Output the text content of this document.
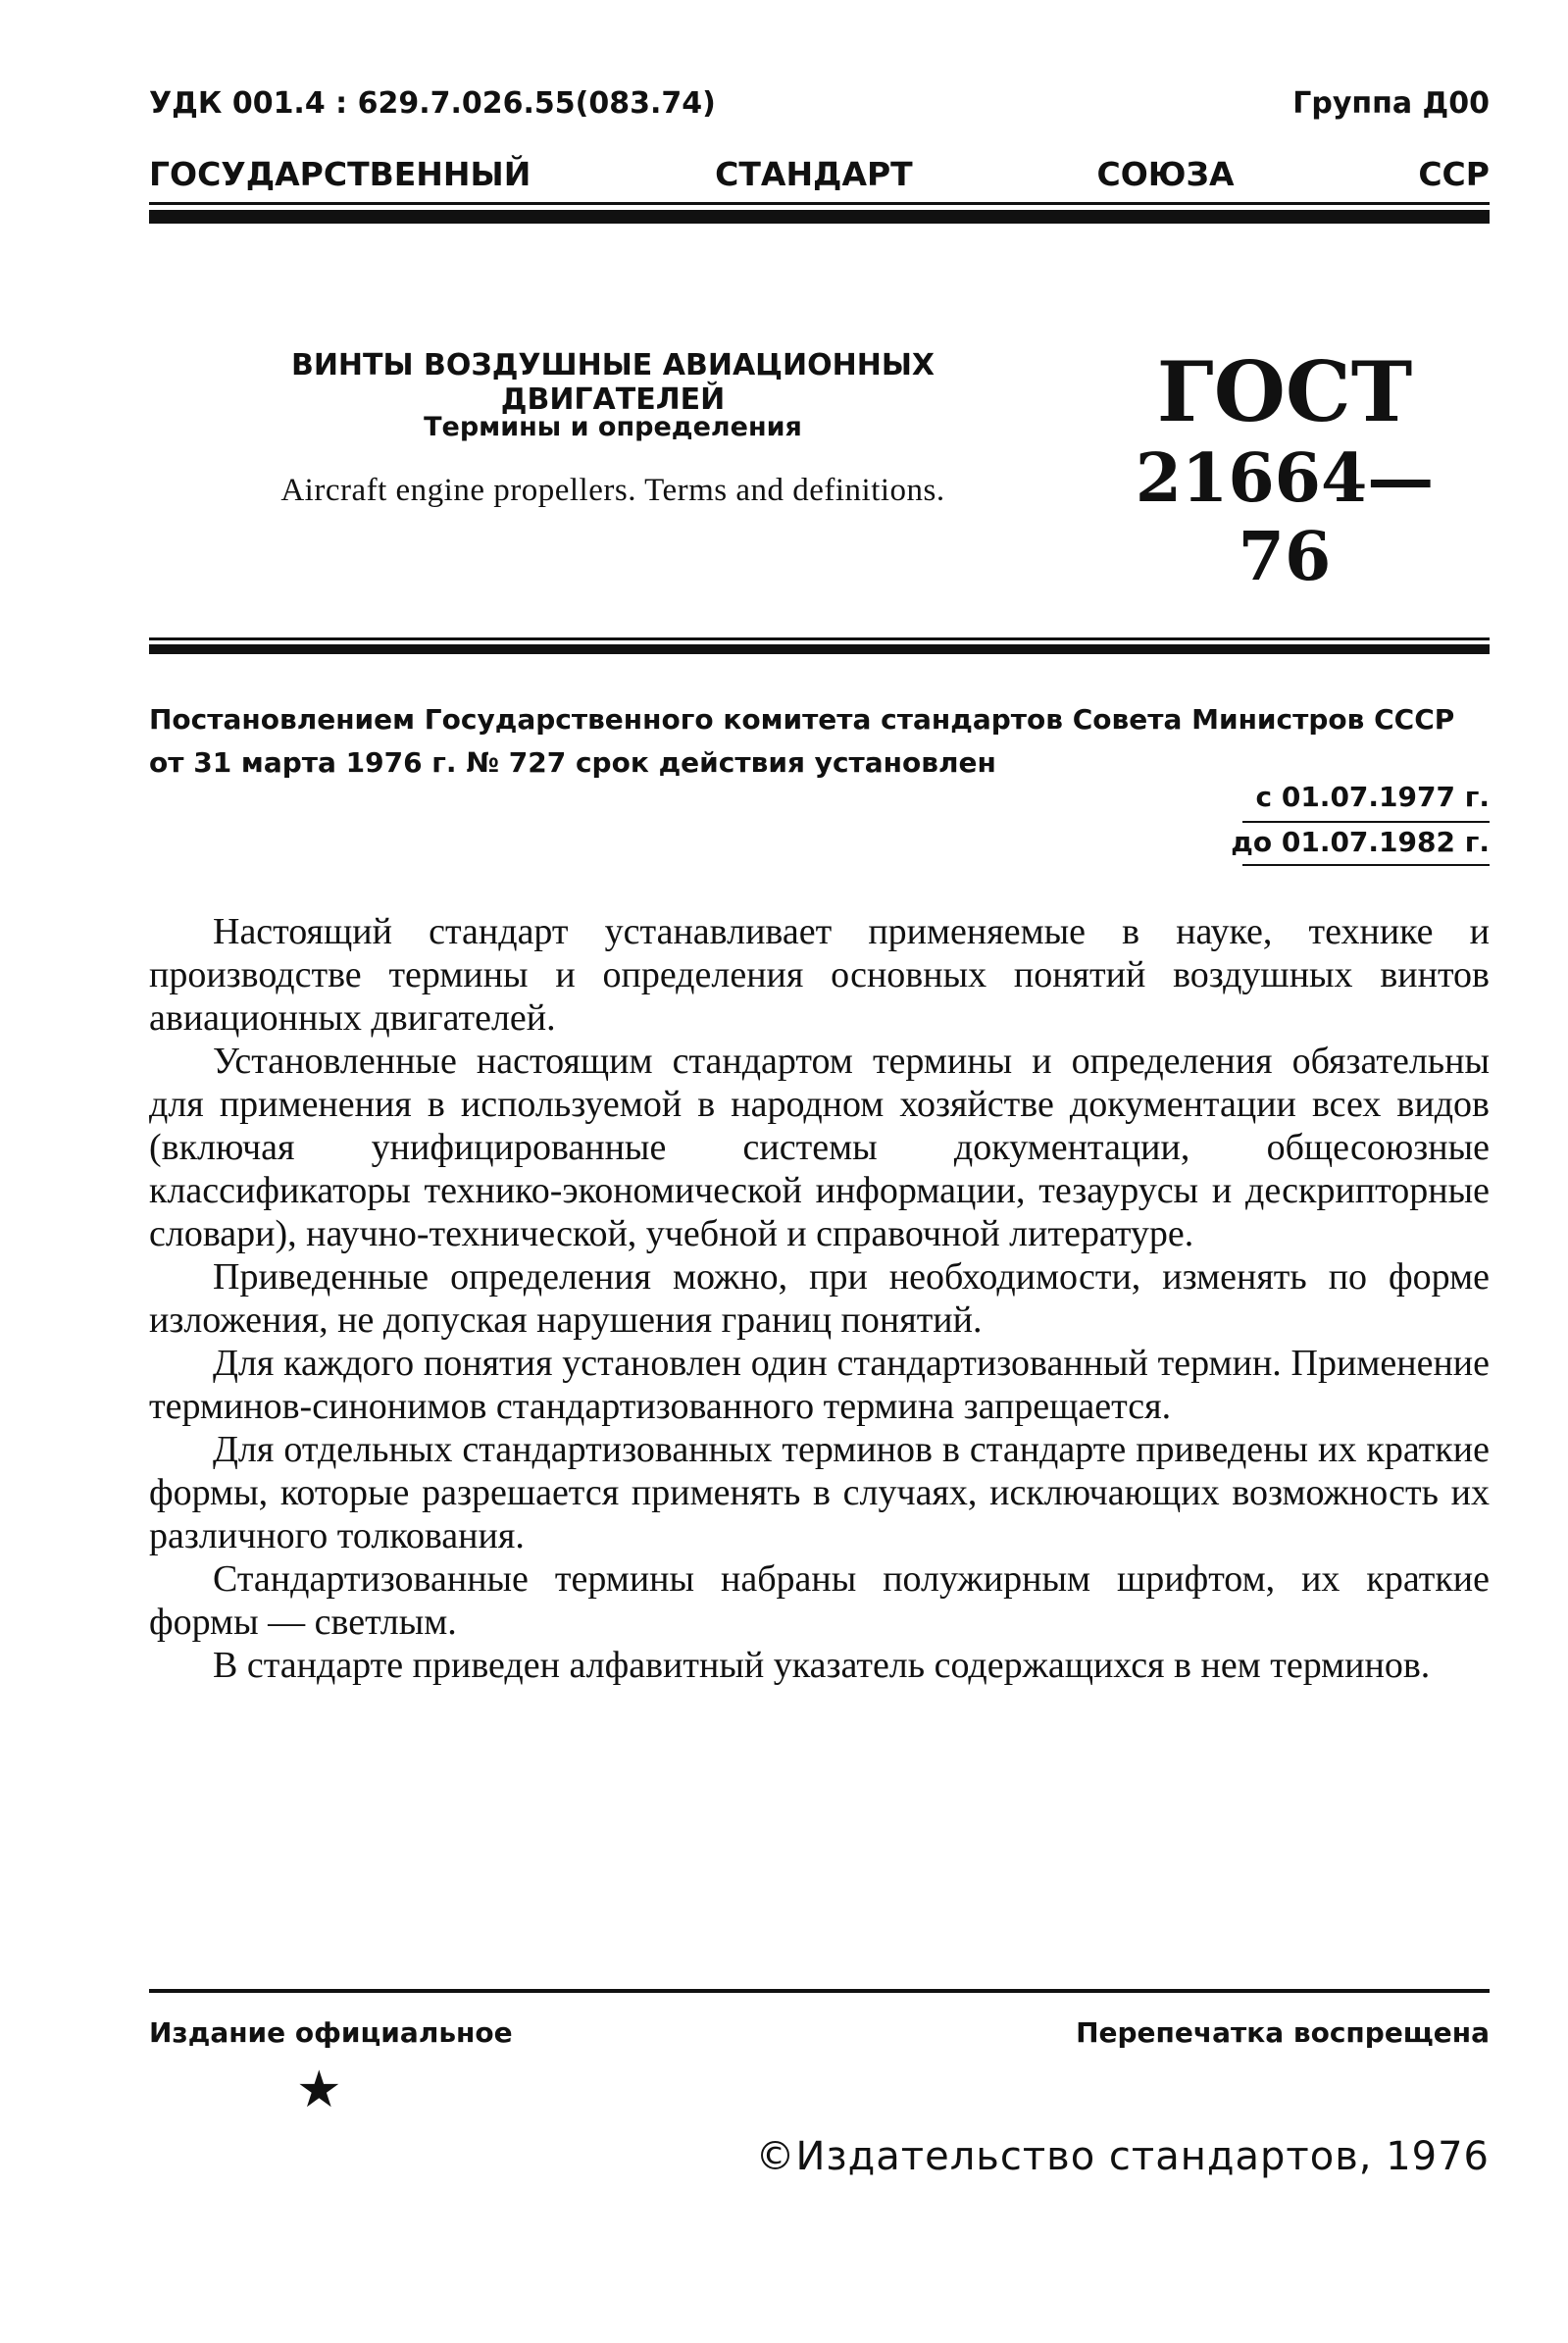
УДК 001.4 : 629.7.026.55(083.74)	Группа Д00
ГОСУДАРСТВЕННЫЙ	СТАНДАРТ	СОЮЗА	ССР
ВИНТЫ ВОЗДУШНЫЕ АВИАЦИОННЫХ ДВИГАТЕЛЕЙ
Термины и определения
Aircraft engine propellers. Terms and definitions.
ГОСТ
21664—76
Постановлением Государственного комитета стандартов Совета Министров СССР от 31 марта 1976 г. № 727 срок действия установлен
с 01.07.1977 г.
до 01.07.1982 г.

Настоящий стандарт устанавливает применяемые в науке, технике и производстве термины и определения основных понятий воздушных винтов авиационных двигателей.

Установленные настоящим стандартом термины и определения обязательны для применения в используемой в народном хозяйстве документации всех видов (включая унифицированные системы документации, общесоюзные классификаторы технико-экономической информации, тезаурусы и дескрипторные словари), научно-технической, учебной и справочной литературе.

Приведенные определения можно, при необходимости, изменять по форме изложения, не допуская нарушения границ понятий.

Для каждого понятия установлен один стандартизованный термин. Применение терминов-синонимов стандартизованного термина запрещается.

Для отдельных стандартизованных терминов в стандарте приведены их краткие формы, которые разрешается применять в случаях, исключающих возможность их различного толкования.

Стандартизованные термины набраны полужирным шрифтом, их краткие формы — светлым.

В стандарте приведен алфавитный указатель содержащихся в нем терминов.

Издание официальное
★
Перепечатка воспрещена
©Издательство стандартов, 1976
